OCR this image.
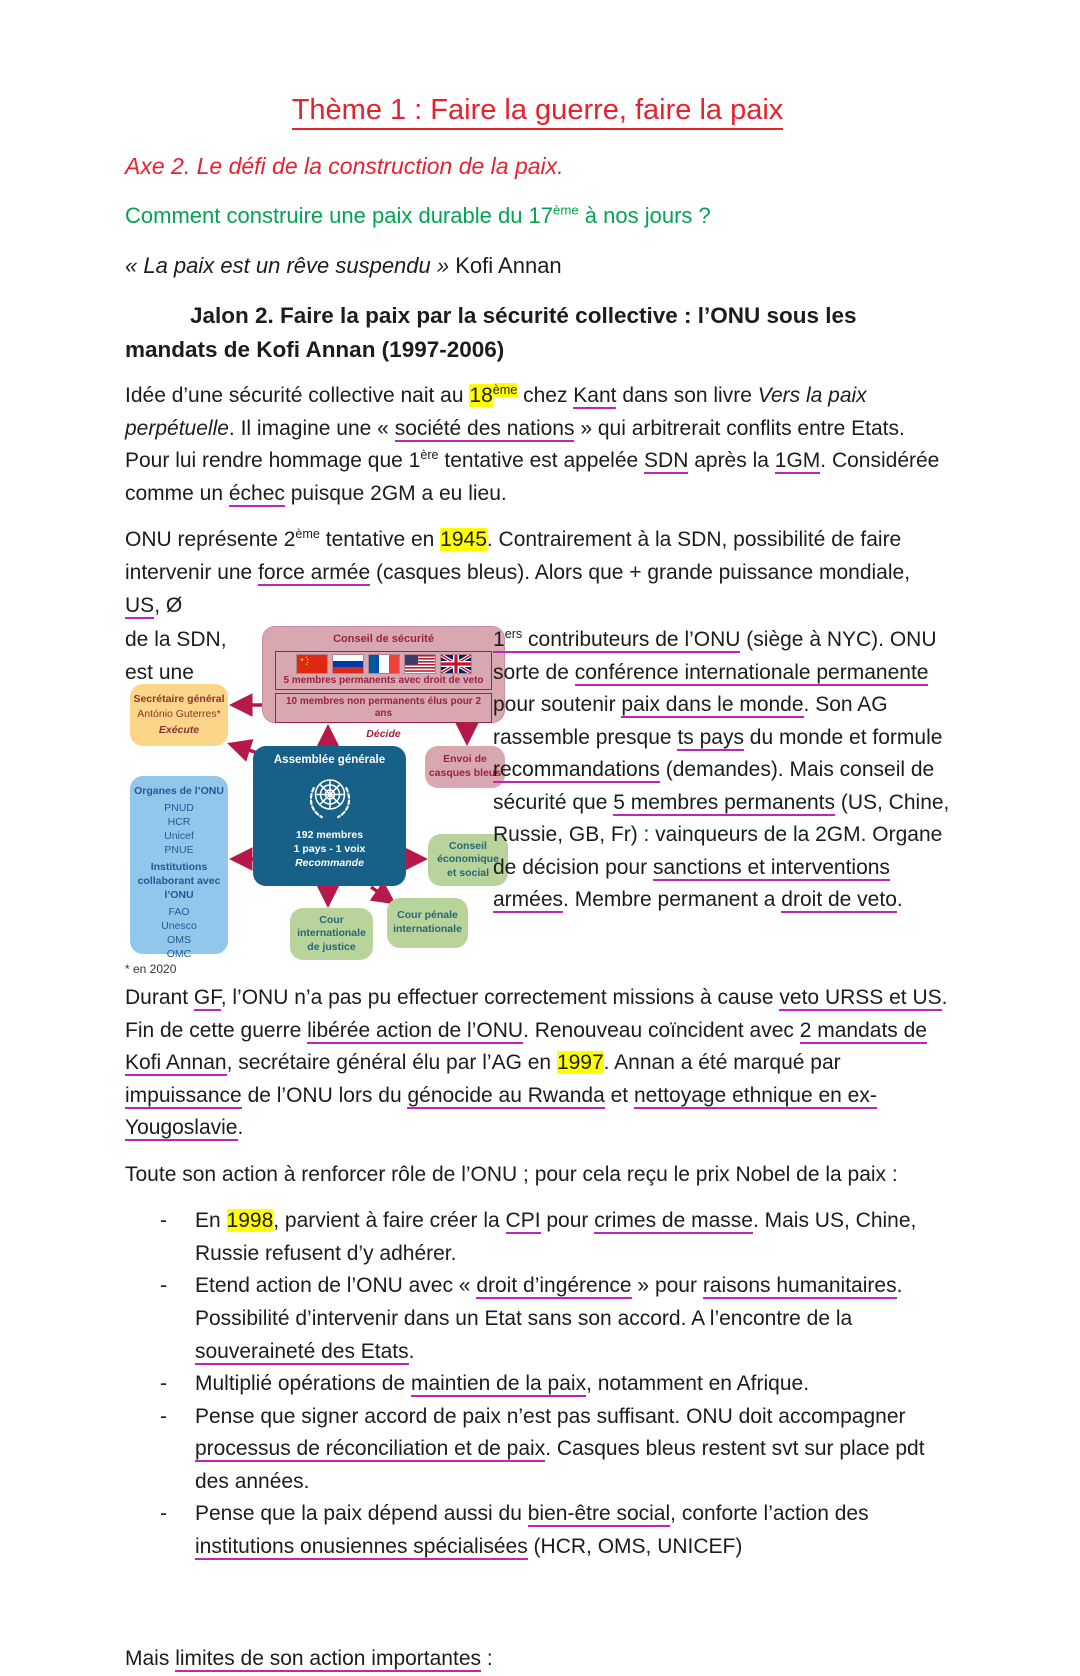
Thème 1 : Faire la guerre, faire la paix
Axe 2. Le défi de la construction de la paix.
Comment construire une paix durable du 17ème à nos jours ?
« La paix est un rêve suspendu » Kofi Annan
Jalon 2. Faire la paix par la sécurité collective : l’ONU sous les mandats de Kofi Annan (1997-2006)

Idée d’une sécurité collective nait au 18ème chez Kant dans son livre Vers la paix perpétuelle. Il imagine une « société des nations » qui arbitrerait conflits entre Etats. Pour lui rendre hommage que 1ère tentative est appelée SDN après la 1GM. Considérée comme un échec puisque 2GM a eu lieu.

ONU représente 2ème tentative en 1945. Contrairement à la SDN, possibilité de faire intervenir une force armée (casques bleus). Alors que + grande puissance mondiale, US, Ø

de la SDN,
est une
Conseil de sécurité
5 membres permanents avec droit de veto
10 membres non permanents élus pour 2 ans
Décide
Secrétaire général
António Guterres*
Exécute
Organes de l’ONU
PNUD
HCR
Unicef
PNUE
Institutions collaborant avec l’ONU
FAO
Unesco
OMS
OMC
Assemblée générale
192 membres
1 pays - 1 voix
Recommande
Envoi de casques bleus
Conseil économique et social
Cour internationale de justice
Cour pénale internationale
1ers contributeurs de l’ONU (siège à NYC). ONU sorte de conférence internationale permanente pour soutenir paix dans le monde. Son AG rassemble presque ts pays du monde et formule recommandations (demandes). Mais conseil de sécurité que 5 membres permanents (US, Chine, Russie, GB, Fr) : vainqueurs de la 2GM. Organe de décision pour sanctions et interventions armées. Membre permanent a droit de veto.
* en 2020

Durant GF, l’ONU n’a pas pu effectuer correctement missions à cause veto URSS et US. Fin de cette guerre libérée action de l’ONU. Renouveau coïncident avec 2 mandats de Kofi Annan, secrétaire général élu par l’AG en 1997. Annan a été marqué par impuissance de l’ONU lors du génocide au Rwanda et nettoyage ethnique en ex-Yougoslavie.

Toute son action à renforcer rôle de l’ONU ; pour cela reçu le prix Nobel de la paix :

- En 1998, parvient à faire créer la CPI pour crimes de masse. Mais US, Chine, Russie refusent d’y adhérer.
- Etend action de l’ONU avec « droit d’ingérence » pour raisons humanitaires. Possibilité d’intervenir dans un Etat sans son accord. A l’encontre de la souveraineté des Etats.
- Multiplié opérations de maintien de la paix, notamment en Afrique.
- Pense que signer accord de paix n’est pas suffisant. ONU doit accompagner processus de réconciliation et de paix. Casques bleus restent svt sur place pdt des années.
- Pense que la paix dépend aussi du bien-être social, conforte l’action des institutions onusiennes spécialisées (HCR, OMS, UNICEF)

Mais limites de son action importantes :
